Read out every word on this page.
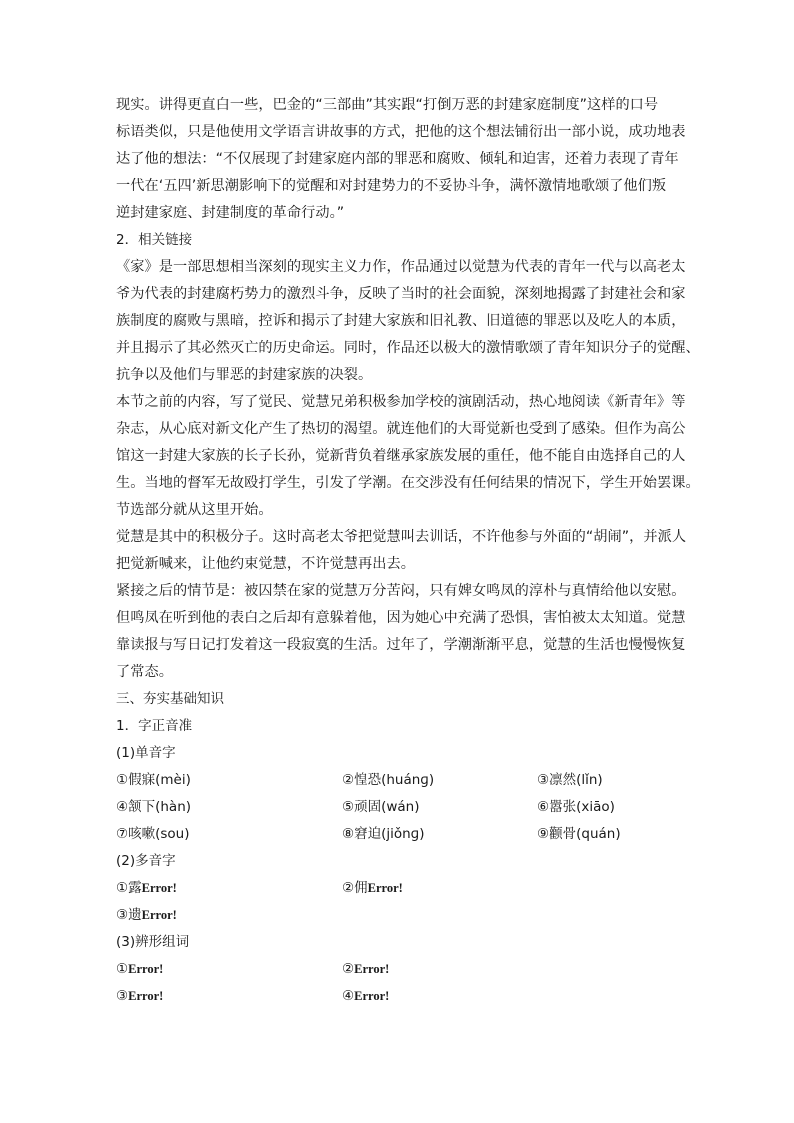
现实。讲得更直白一些，巴金的“三部曲”其实跟“打倒万恶的封建家庭制度”这样的口号

标语类似，只是他使用文学语言讲故事的方式，把他的这个想法铺衍出一部小说，成功地表

达了他的想法：“不仅展现了封建家庭内部的罪恶和腐败、倾轧和迫害，还着力表现了青年

一代在‘五四’新思潮影响下的觉醒和对封建势力的不妥协斗争，满怀激情地歌颂了他们叛

逆封建家庭、封建制度的革命行动。”

2．相关链接

《家》是一部思想相当深刻的现实主义力作，作品通过以觉慧为代表的青年一代与以高老太

爷为代表的封建腐朽势力的激烈斗争，反映了当时的社会面貌，深刻地揭露了封建社会和家

族制度的腐败与黑暗，控诉和揭示了封建大家族和旧礼教、旧道德的罪恶以及吃人的本质，

并且揭示了其必然灭亡的历史命运。同时，作品还以极大的激情歌颂了青年知识分子的觉醒、

抗争以及他们与罪恶的封建家族的决裂。

本节之前的内容，写了觉民、觉慧兄弟积极参加学校的演剧活动，热心地阅读《新青年》等

杂志，从心底对新文化产生了热切的渴望。就连他们的大哥觉新也受到了感染。但作为高公

馆这一封建大家族的长子长孙，觉新背负着继承家族发展的重任，他不能自由选择自己的人

生。当地的督军无故殴打学生，引发了学潮。在交涉没有任何结果的情况下，学生开始罢课。

节选部分就从这里开始。

觉慧是其中的积极分子。这时高老太爷把觉慧叫去训话，不许他参与外面的“胡闹”，并派人

把觉新喊来，让他约束觉慧，不许觉慧再出去。

紧接之后的情节是：被囚禁在家的觉慧万分苦闷，只有婢女鸣凤的淳朴与真情给他以安慰。

但鸣凤在听到他的表白之后却有意躲着他，因为她心中充满了恐惧，害怕被太太知道。觉慧

靠读报与写日记打发着这一段寂寞的生活。过年了，学潮渐渐平息，觉慧的生活也慢慢恢复

了常态。

三、夯实基础知识

1．字正音准

(1)单音字

①假寐(mèi)	②惶恐(huánɡ)	③凛然(lǐn)
④颔下(hàn)	⑤顽固(wán)	⑥嚣张(xiāo)
⑦咳嗽(sou)	⑧窘迫(jiǒnɡ)	⑨颧骨(quán)

(2)多音字

①露Error!	②佣Error!
③遗Error!

(3)辨形组词

①Error!	②Error!
③Error!	④Error!
